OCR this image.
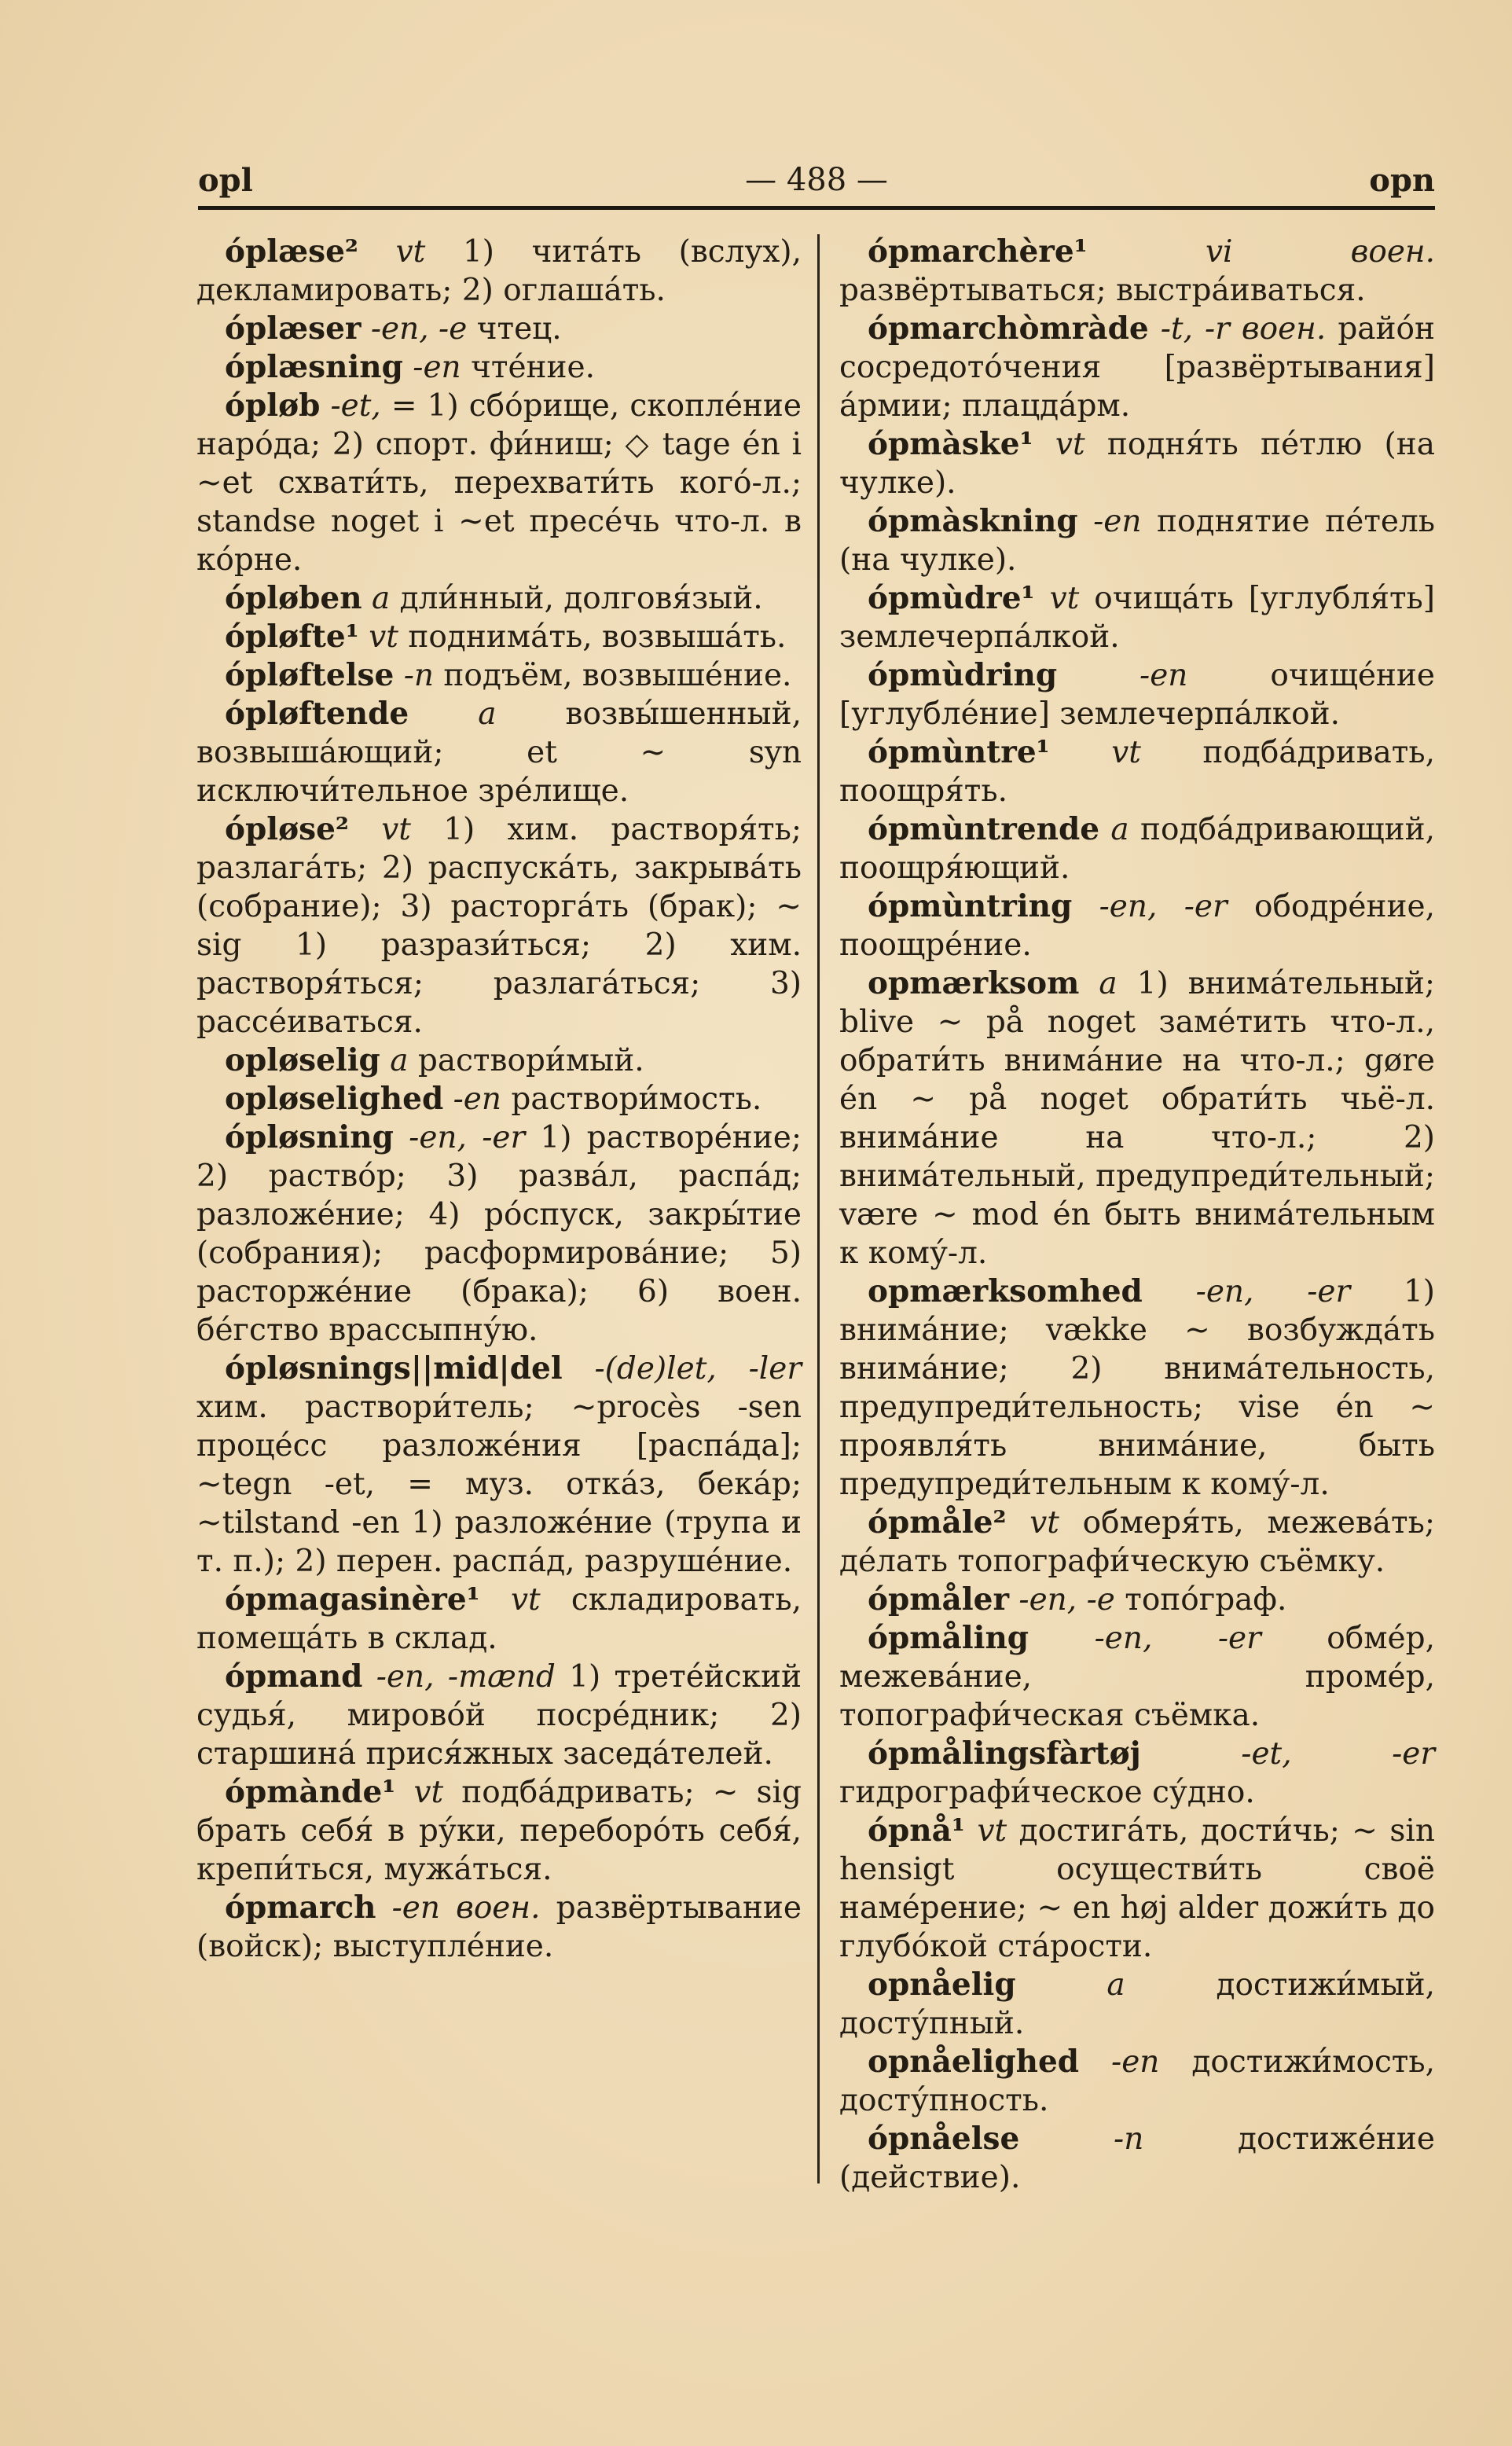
opl	— 488 —	opn

óplæse² vt 1) читáть (вслух), декламировать; 2) оглашáть.

óplæser -en, -e чтец.

óplæsning -en чтéние.

ópløb -et, = 1) сбóрище, скоплéние нарóда; 2) спорт. фи́ниш; ◇ tage én i ~et схвати́ть, перехвати́ть когó-л.; standse noget i ~et пресéчь что-л. в кóрне.

ópløben a дли́нный, долговя́зый.

ópløfte¹ vt поднимáть, возвышáть.

ópløftelse -n подъём, возвышéние.

ópløftende a возвы́шенный, возвышáющий; et ~ syn исключи́тельное зрéлище.

ópløse² vt 1) хим. растворя́ть; разлагáть; 2) распускáть, закрывáть (собрание); 3) расторгáть (брак); ~ sig 1) разрази́ться; 2) хим. растворя́ться; разлагáться; 3) рассéиваться.

opløselig a раствори́мый.

opløselighed -en раствори́мость.

ópløsning -en, -er 1) растворéние; 2) раствóр; 3) развáл, распáд; разложéние; 4) рóспуск, закры́тие (собрания); расформировáние; 5) расторжéние (брака); 6) воен. бéгство врассыпну́ю.

ópløsnings||mid|del -(de)let, -ler хим. раствори́тель; ~procès -sen процéсс разложéния [распáда]; ~tegn -et, = муз. откáз, бекáр; ~tilstand -en 1) разложéние (трупа и т. п.); 2) перен. распáд, разрушéние.

ópmagasinère¹ vt складировать, помещáть в склад.

ópmand -en, -mænd 1) третéйский судья́, мировóй посрéдник; 2) старшинá прися́жных заседáтелей.

ópmànde¹ vt подбáдривать; ~ sig брать себя́ в ру́ки, переборóть себя́, крепи́ться, мужáться.

ópmarch -en воен. развёртывание (войск); выступлéние.

ópmarchère¹	vi воен. развёртываться; выстрáиваться.

ópmarchòmràde -t, -r воен. райóн сосредотóчения [развёртывания] áрмии; плацдáрм.

ópmàske¹ vt подня́ть пéтлю (на чулке).

ópmàskning -en поднятие пéтель (на чулке).

ópmùdre¹ vt очищáть [углубля́ть] землечерпáлкой.

ópmùdring	-en	очищéние [углублéние] землечерпáлкой.

ópmùntre¹ vt подбáдривать, поощря́ть.

ópmùntrende a подбáдривающий, поощря́ющий.

ópmùntring -en, -er ободрéние, поощрéние.

opmærksom a 1) внимáтельный; blive ~ på noget замéтить что-л., обрати́ть внимáние на что-л.; gøre én ~ på noget обрати́ть чьё-л. внимáние на что-л.; 2) внимáтельный, предупреди́тельный; være ~ mod én быть внимáтельным к кому́-л.

opmærksomhed -en, -er 1) внимáние; vække ~ возбуждáть внимáние; 2) внимáтельность, предупреди́тельность; vise én ~ проявля́ть внимáние, быть предупреди́тельным к кому́-л.

ópmåle² vt обмеря́ть, межевáть; дéлать топографи́ческую съёмку.

ópmåler -en, -e топóграф.

ópmåling -en, -er обмéр, межевáние, промéр, топографи́ческая съёмка.

ópmålingsfàrtøj	-et, -er гидрографи́ческое су́дно.

ópnå¹ vt достигáть, дости́чь; ~ sin hensigt осуществи́ть своё намéрение; ~ en høj alder дожи́ть до глубóкой стáрости.

opnåelig	a	достижи́мый, досту́пный.

opnåelighed -en достижи́мость, досту́пность.

ópnåelse	-n	достижéние (действие).
